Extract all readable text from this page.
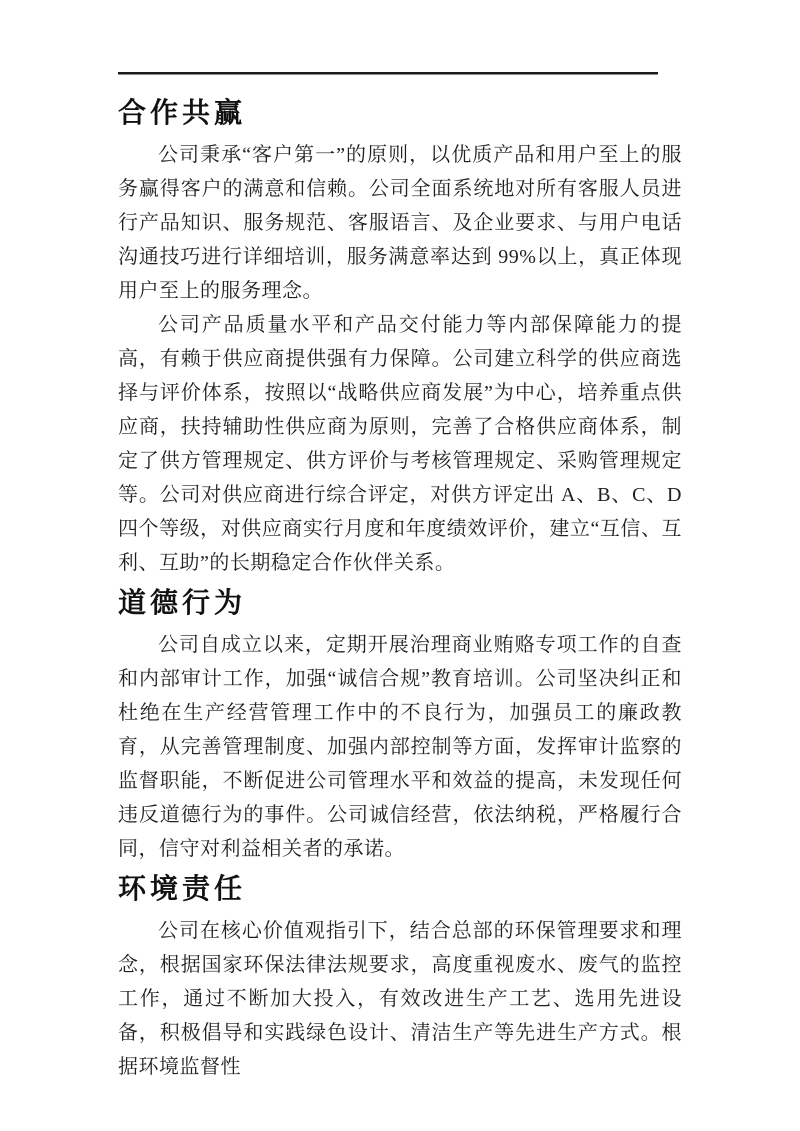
合作共赢

公司秉承“客户第一”的原则，以优质产品和用户至上的服务赢得客户的满意和信赖。公司全面系统地对所有客服人员进行产品知识、服务规范、客服语言、及企业要求、与用户电话沟通技巧进行详细培训，服务满意率达到 99%以上，真正体现用户至上的服务理念。

公司产品质量水平和产品交付能力等内部保障能力的提高，有赖于供应商提供强有力保障。公司建立科学的供应商选择与评价体系，按照以“战略供应商发展”为中心，培养重点供应商，扶持辅助性供应商为原则，完善了合格供应商体系，制定了供方管理规定、供方评价与考核管理规定、采购管理规定等。公司对供应商进行综合评定，对供方评定出 A、B、C、D 四个等级，对供应商实行月度和年度绩效评价，建立“互信、互利、互助”的长期稳定合作伙伴关系。

道德行为

公司自成立以来，定期开展治理商业贿赂专项工作的自查和内部审计工作，加强“诚信合规”教育培训。公司坚决纠正和杜绝在生产经营管理工作中的不良行为，加强员工的廉政教育，从完善管理制度、加强内部控制等方面，发挥审计监察的监督职能，不断促进公司管理水平和效益的提高，未发现任何违反道德行为的事件。公司诚信经营，依法纳税，严格履行合同，信守对利益相关者的承诺。

环境责任

公司在核心价值观指引下，结合总部的环保管理要求和理念，根据国家环保法律法规要求，高度重视废水、废气的监控工作，通过不断加大投入，有效改进生产工艺、选用先进设备，积极倡导和实践绿色设计、清洁生产等先进生产方式。根据环境监督性
